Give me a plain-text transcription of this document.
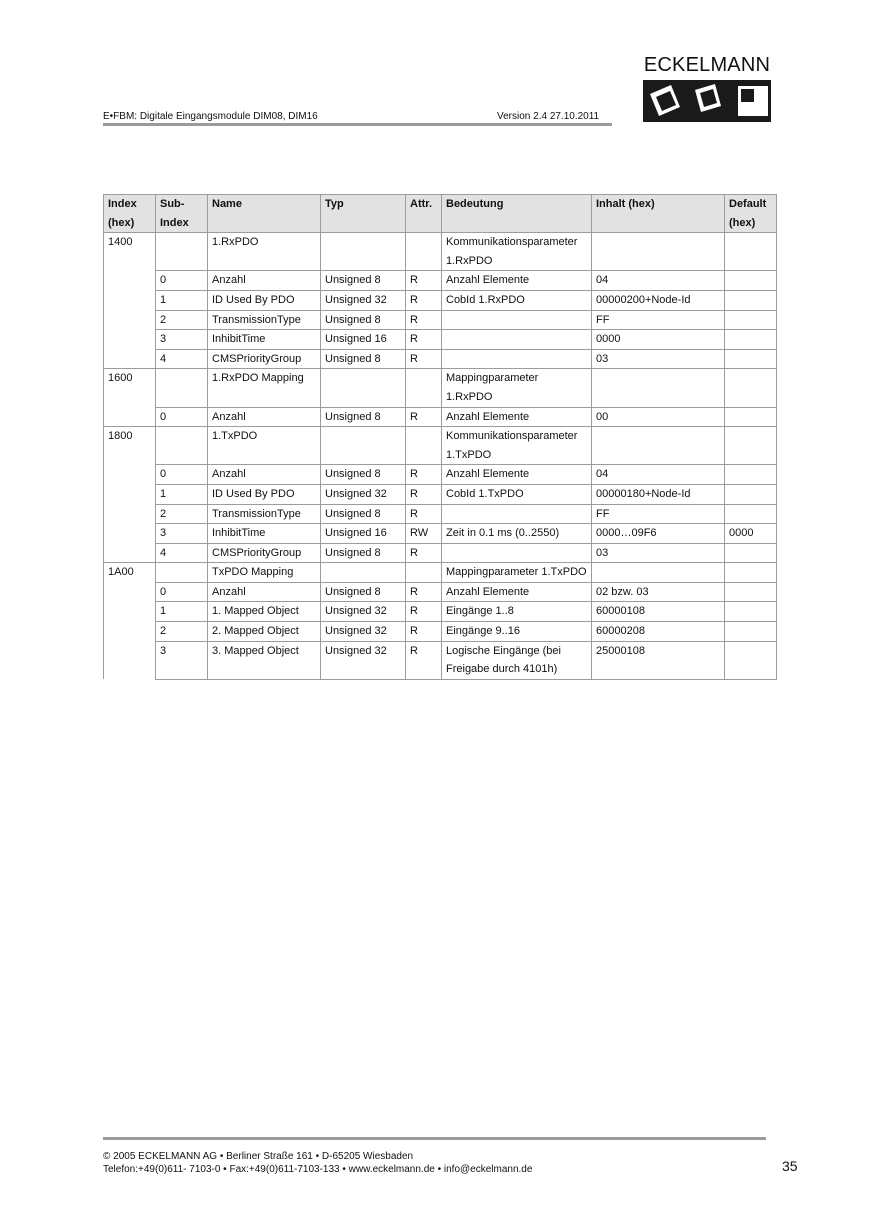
ECKELMANN
E•FBM: Digitale Eingangsmodule DIM08, DIM16	Version 2.4 27.10.2011
Index (hex)	Sub-Index	Name	Typ	Attr.	Bedeutung	Inhalt (hex)	Default (hex)
1400		1.RxPDO			Kommunikationsparameter 1.RxPDO		
	0	Anzahl	Unsigned 8	R	Anzahl Elemente	04	
	1	ID Used By PDO	Unsigned 32	R	CobId 1.RxPDO	00000200+Node-Id	
	2	TransmissionType	Unsigned 8	R		FF	
	3	InhibitTime	Unsigned 16	R		0000	
	4	CMSPriorityGroup	Unsigned 8	R		03	
1600		1.RxPDO Mapping			Mappingparameter 1.RxPDO		
	0	Anzahl	Unsigned 8	R	Anzahl Elemente	00	
1800		1.TxPDO			Kommunikationsparameter 1.TxPDO		
	0	Anzahl	Unsigned 8	R	Anzahl Elemente	04	
	1	ID Used By PDO	Unsigned 32	R	CobId 1.TxPDO	00000180+Node-Id	
	2	TransmissionType	Unsigned 8	R		FF	
	3	InhibitTime	Unsigned 16	RW	Zeit in 0.1 ms (0..2550)	0000…09F6	0000
	4	CMSPriorityGroup	Unsigned 8	R		03	
1A00		TxPDO Mapping			Mappingparameter 1.TxPDO		
	0	Anzahl	Unsigned 8	R	Anzahl Elemente	02 bzw. 03	
	1	1. Mapped Object	Unsigned 32	R	Eingänge 1..8	60000108	
	2	2. Mapped Object	Unsigned 32	R	Eingänge 9..16	60000208	
	3	3. Mapped Object	Unsigned 32	R	Logische Eingänge (bei Freigabe durch 4101h)	25000108	
© 2005 ECKELMANN AG • Berliner Straße 161 • D-65205 Wiesbaden
Telefon:+49(0)611- 7103-0 • Fax:+49(0)611-7103-133 • www.eckelmann.de • info@eckelmann.de	35
